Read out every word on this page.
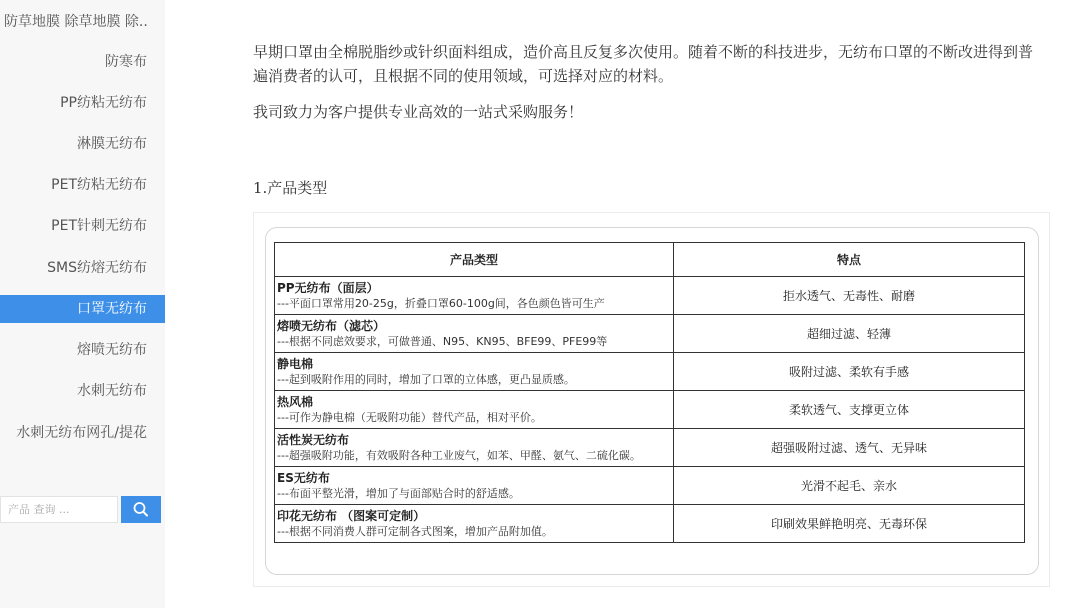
防草地膜 除草地膜 除..
防寒布
PP纺粘无纺布
淋膜无纺布
PET纺粘无纺布
PET针刺无纺布
SMS纺熔无纺布
口罩无纺布
熔喷无纺布
水刺无纺布
水刺无纺布网孔/提花
产品 查询 ...
早期口罩由全棉脱脂纱或针织面料组成，造价高且反复多次使用。随着不断的科技进步，无纺布口罩的不断改进得到普遍消费者的认可，且根据不同的使用领域，可选择对应的材料。
我司致力为客户提供专业高效的一站式采购服务！
1.产品类型
产品类型	特点

PP无纺布（面层）
---平面口罩常用20-25g，折叠口罩60-100g间，各色颜色皆可生产	拒水透气、无毒性、耐磨

熔喷无纺布（滤芯）
---根据不同虑效要求，可做普通、N95、KN95、BFE99、PFE99等	超细过滤、轻薄

静电棉
---起到吸附作用的同时，增加了口罩的立体感，更凸显质感。	吸附过滤、柔软有手感

热风棉
---可作为静电棉（无吸附功能）替代产品，相对平价。	柔软透气、支撑更立体

活性炭无纺布
---超强吸附功能，有效吸附各种工业废气，如苯、甲醛、氨气、二硫化碳。	超强吸附过滤、透气、无异味

ES无纺布
---布面平整光滑，增加了与面部贴合时的舒适感。	光滑不起毛、亲水

印花无纺布 （图案可定制）
---根据不同消费人群可定制各式图案，增加产品附加值。	印刷效果鲜艳明亮、无毒环保
